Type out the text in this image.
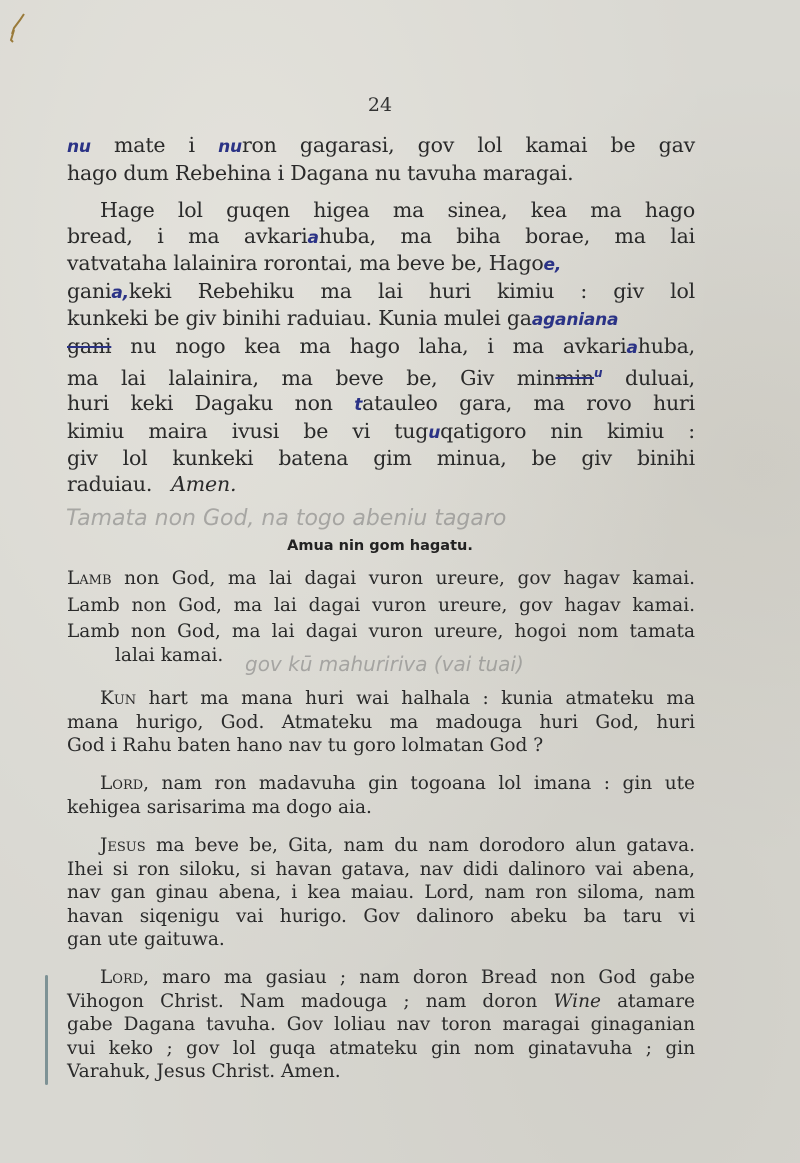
24
nu mate i nuron gagarasi, gov lol kamai be gav
hago dum Rebehina i Dagana nu tavuha maragai.
Hage lol guqen higea ma sinea, kea ma hago
bread, i ma avkariahuba, ma biha borae, ma lai
vatvataha lalainira rorontai, ma beve be, Hagoe,
gania,keki Rebehiku ma lai huri kimiu : giv lol
kunkeki be giv binihi raduiau. Kunia mulei gaaganiana
gani nu nogo kea ma hago laha, i ma avkariahuba,
ma lai lalainira, ma beve be, Giv minmin$^u$ duluai,
huri keki Dagaku non tatauleo gara, ma rovo huri
kimiu maira ivusi be vi tuguqatigoro nin kimiu :
giv lol kunkeki batena gim minua, be giv binihi
raduiau. Amen.
Tamata non God, na togo abeniu tagaro
Amua nin gom hagatu.
Lamb non God, ma lai dagai vuron ureure, gov hagav kamai.
Lamb non God, ma lai dagai vuron ureure, gov hagav kamai.
Lamb non God, ma lai dagai vuron ureure, hogoi nom tamata
lalai kamai.	gov kū mahuririva (vai tuai)
Kun hart ma mana huri wai halhala : kunia atmateku ma
mana hurigo, God. Atmateku ma madouga huri God, huri
God i Rahu baten hano nav tu goro lolmatan God ?
Lord, nam ron madavuha gin togoana lol imana : gin ute
kehigea sarisarima ma dogo aia.
Jesus ma beve be, Gita, nam du nam dorodoro alun gatava.
Ihei si ron siloku, si havan gatava, nav didi dalinoro vai abena,
nav gan ginau abena, i kea maiau. Lord, nam ron siloma, nam
havan siqenigu vai hurigo. Gov dalinoro abeku ba taru vi
gan ute gaituwa.
Lord, maro ma gasiau ; nam doron Bread non God gabe
Vihogon Christ. Nam madouga ; nam doron Wine atamare
gabe Dagana tavuha. Gov loliau nav toron maragai ginaganian
vui keko ; gov lol guqa atmateku gin nom ginatavuha ; gin
Varahuk, Jesus Christ. Amen.
